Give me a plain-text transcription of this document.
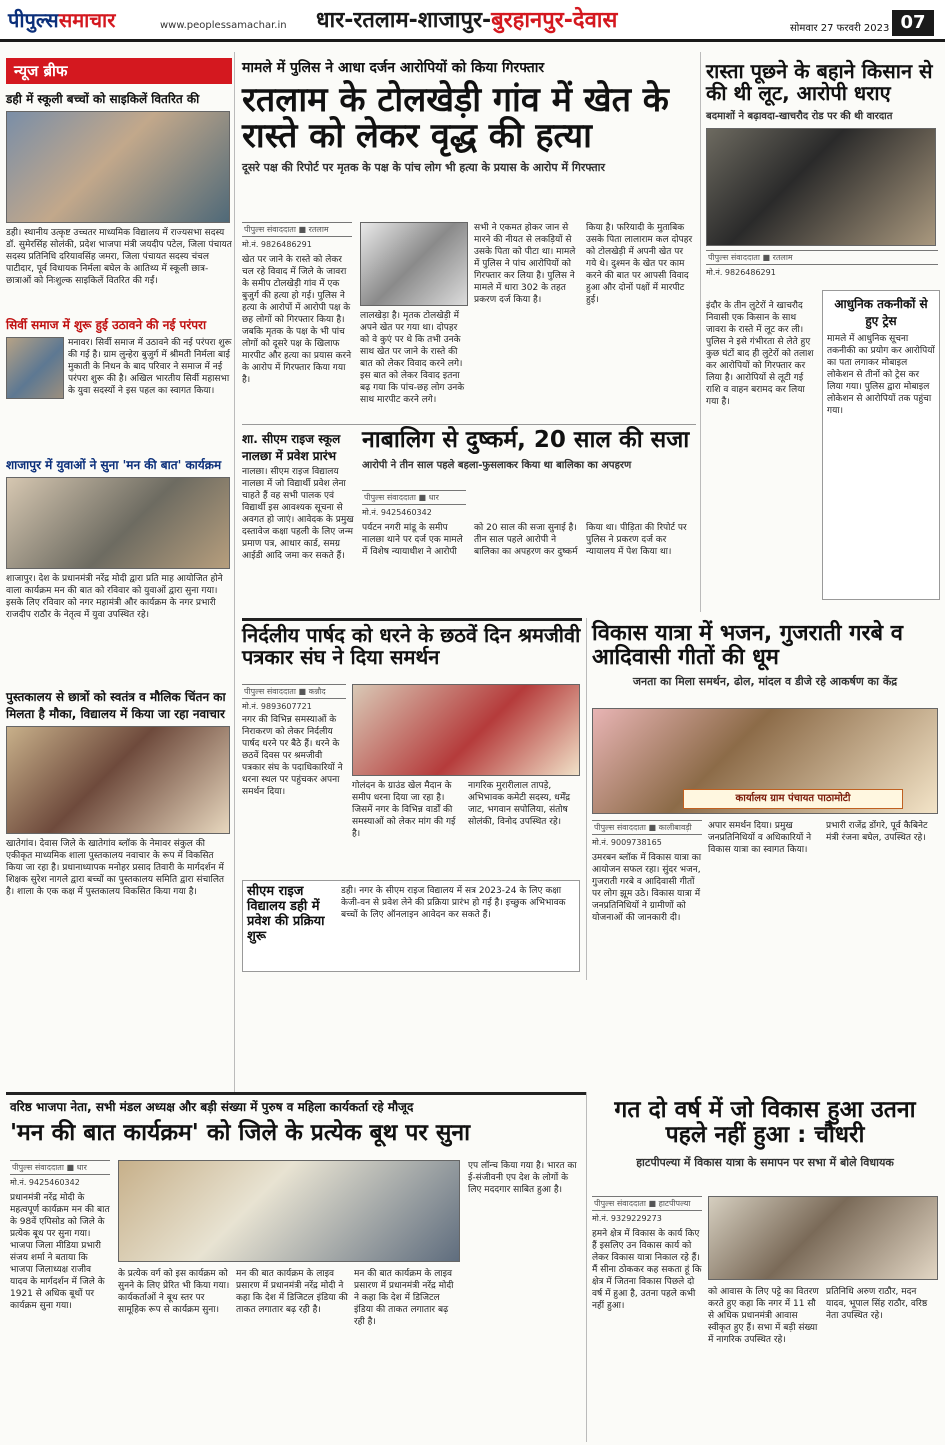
पीपुल्ससमाचार	www.peoplessamachar.in धार-रतलाम-शाजापुर-बुरहानपुर-देवास	सोमवार 27 फरवरी 2023 07
न्यूज ब्रीफ
डही में स्कूली बच्चों को साइकिलें वितरित की
डही। स्थानीय उत्कृष्ट उच्चतर माध्यमिक विद्यालय में राज्यसभा सदस्य डॉ. सुमेरसिंह सोलंकी, प्रदेश भाजपा मंत्री जयदीप पटेल, जिला पंचायत सदस्य प्रतिनिधि दरियावसिंह जमरा, जिला पंचायत सदस्य चंचल पाटीदार, पूर्व विधायक निर्मला बघेल के आतिथ्य में स्कूली छात्र-छात्राओं को निःशुल्क साइकिलें वितरित की गईं।
सिर्वी समाज में शुरू हुई उठावने की नई परंपरा
मनावर। सिर्वी समाज में उठावने की नई परंपरा शुरू की गई है। ग्राम लुन्हेरा बुजुर्ग में श्रीमती निर्मला बाई मुकाती के निधन के बाद परिवार ने समाज में नई परंपरा शुरू की है। अखिल भारतीय सिर्वी महासभा के युवा सदस्यों ने इस पहल का स्वागत किया।
शाजापुर में युवाओं ने सुना 'मन की बात' कार्यक्रम
शाजापुर। देश के प्रधानमंत्री नरेंद्र मोदी द्वारा प्रति माह आयोजित होने वाला कार्यक्रम मन की बात को रविवार को युवाओं द्वारा सुना गया। इसके लिए रविवार को नगर महामंत्री और कार्यक्रम के नगर प्रभारी राजदीप राठौर के नेतृत्व में युवा उपस्थित रहे।
पुस्तकालय से छात्रों को स्वतंत्र व मौलिक चिंतन का मिलता है मौका, विद्यालय में किया जा रहा नवाचार
खातेगांव। देवास जिले के खातेगांव ब्लॉक के नेमावर संकुल की एकीकृत माध्यमिक शाला पुस्तकालय नवाचार के रूप में विकसित किया जा रहा है। प्रधानाध्यापक मनोहर प्रसाद तिवारी के मार्गदर्शन में शिक्षक सुरेश नागले द्वारा बच्चों का पुस्तकालय समिति द्वारा संचालित है। शाला के एक कक्ष में पुस्तकालय विकसित किया गया है।
मामले में पुलिस ने आधा दर्जन आरोपियों को किया गिरफ्तार
रतलाम के टोलखेड़ी गांव में खेत के रास्ते को लेकर वृद्ध की हत्या
दूसरे पक्ष की रिपोर्ट पर मृतक के पक्ष के पांच लोग भी हत्या के प्रयास के आरोप में गिरफ्तार
पीपुल्स संवाददाता ■ रतलाम
मो.नं. 9826486291
खेत पर जाने के रास्ते को लेकर चल रहे विवाद में जिले के जावरा के समीप टोलखेड़ी गांव में एक बुजुर्ग की हत्या हो गई। पुलिस ने हत्या के आरोपों में आरोपी पक्ष के छह लोगों को गिरफ्तार किया है। जबकि मृतक के पक्ष के भी पांच लोगों को दूसरे पक्ष के खिलाफ मारपीट और हत्या का प्रयास करने के आरोप में गिरफ्तार किया गया है।
लालखेड़ा है। मृतक टोलखेड़ी में अपने खेत पर गया था। दोपहर को वे कुएं पर थे कि तभी उनके साथ खेत पर जाने के रास्ते की बात को लेकर विवाद करने लगे। इस बात को लेकर विवाद इतना बढ़ गया कि पांच-छह लोग उनके साथ मारपीट करने लगे।
सभी ने एकमत होकर जान से मारने की नीयत से लकड़ियों से उसके पिता को पीटा था। मामले में पुलिस ने पांच आरोपियों को गिरफ्तार कर लिया है। पुलिस ने मामले में धारा 302 के तहत प्रकरण दर्ज किया है।
किया है। फरियादी के मुताबिक उसके पिता लालाराम कल दोपहर को टोलखेड़ी में अपनी खेत पर गये थे। दुश्मन के खेत पर काम करने की बात पर आपसी विवाद हुआ और दोनों पक्षों में मारपीट हुई।
रास्ता पूछने के बहाने किसान से की थी लूट, आरोपी धराए
बदमाशों ने बढ़ावदा-खाचरौद रोड पर की थी वारदात
पीपुल्स संवाददाता ■ रतलाम
मो.नं. 9826486291
इंदौर के तीन लुटेरों ने खाचरौद निवासी एक किसान के साथ जावरा के रास्ते में लूट कर ली। पुलिस ने इसे गंभीरता से लेते हुए कुछ घंटों बाद ही लुटेरों को तलाश कर आरोपियों को गिरफ्तार कर लिया है। आरोपियों से लूटी गई राशि व वाहन बरामद कर लिया गया है।
आधुनिक तकनीकों से हुए ट्रेस
मामले में आधुनिक सूचना तकनीकी का प्रयोग कर आरोपियों का पता लगाकर मोबाइल लोकेशन से तीनों को ट्रेस कर लिया गया। पुलिस द्वारा मोबाइल लोकेशन से आरोपियों तक पहुंचा गया।
शा. सीएम राइज स्कूल नालछा में प्रवेश प्रारंभ
नालछा। सीएम राइज विद्यालय नालछा में जो विद्यार्थी प्रवेश लेना चाहते हैं वह सभी पालक एवं विद्यार्थी इस आवश्यक सूचना से अवगत हो जाएं। आवेदक के प्रमुख दस्तावेज कक्षा पहली के लिए जन्म प्रमाण पत्र, आधार कार्ड, समग्र आईडी आदि जमा कर सकते हैं।
नाबालिग से दुष्कर्म, 20 साल की सजा
आरोपी ने तीन साल पहले बहला-फुसलाकर किया था बालिका का अपहरण
पीपुल्स संवाददाता ■ धार
मो.नं. 9425460342
पर्यटन नगरी मांडू के समीप नालछा थाने पर दर्ज एक मामले में विशेष न्यायाधीश ने आरोपी को 20 साल की सजा सुनाई है। तीन साल पहले आरोपी ने बालिका का अपहरण कर दुष्कर्म किया था। पीड़िता की रिपोर्ट पर पुलिस ने प्रकरण दर्ज कर न्यायालय में पेश किया था।
निर्दलीय पार्षद को धरने के छठवें दिन श्रमजीवी पत्रकार संघ ने दिया समर्थन
पीपुल्स संवाददाता ■ कन्नौद
मो.नं. 9893607721
नगर की विभिन्न समस्याओं के निराकरण को लेकर निर्दलीय पार्षद धरने पर बैठे हैं। धरने के छठवें दिवस पर श्रमजीवी पत्रकार संघ के पदाधिकारियों ने धरना स्थल पर पहुंचकर अपना समर्थन दिया।
गोलंदन के ग्राउंड खेल मैदान के समीप धरना दिया जा रहा है। जिसमें नगर के विभिन्न वार्डों की समस्याओं को लेकर मांग की गई है।
नागरिक मुरारीलाल तापड़े, अभिभावक कमेटी सदस्य, धर्मेंद्र जाट, भगवान सपोलिया, संतोष सोलंकी, विनोद उपस्थित रहे।
सीएम राइज विद्यालय डही में प्रवेश की प्रक्रिया शुरू
डही। नगर के सीएम राइज विद्यालय में सत्र 2023-24 के लिए कक्षा केजी-वन से प्रवेश लेने की प्रक्रिया प्रारंभ हो गई है। इच्छुक अभिभावक बच्चों के लिए ऑनलाइन आवेदन कर सकते हैं।
विकास यात्रा में भजन, गुजराती गरबे व आदिवासी गीतों की धूम
जनता का मिला समर्थन, ढोल, मांदल व डीजे रहे आकर्षण का केंद्र
कार्यालय ग्राम पंचायत पाठामोटी
पीपुल्स संवाददाता ■ कालीबावड़ी
मो.नं. 9009738165
उमरबन ब्लॉक में विकास यात्रा का आयोजन सफल रहा। सुंदर भजन, गुजराती गरबे व आदिवासी गीतों पर लोग झूम उठे। विकास यात्रा में जनप्रतिनिधियों ने ग्रामीणों को योजनाओं की जानकारी दी।
अपार समर्थन दिया। प्रमुख जनप्रतिनिधियों व अधिकारियों ने विकास यात्रा का स्वागत किया।
प्रभारी राजेंद्र डोंगरे, पूर्व कैबिनेट मंत्री रंजना बघेल, उपस्थित रहे।
वरिष्ठ भाजपा नेता, सभी मंडल अध्यक्ष और बड़ी संख्या में पुरुष व महिला कार्यकर्ता रहे मौजूद
'मन की बात कार्यक्रम' को जिले के प्रत्येक बूथ पर सुना
पीपुल्स संवाददाता ■ धार
मो.नं. 9425460342
प्रधानमंत्री नरेंद्र मोदी के महत्वपूर्ण कार्यक्रम मन की बात के 98वें एपिसोड को जिले के प्रत्येक बूथ पर सुना गया। भाजपा जिला मीडिया प्रभारी संजय शर्मा ने बताया कि भाजपा जिलाध्यक्ष राजीव यादव के मार्गदर्शन में जिले के 1921 से अधिक बूथों पर कार्यक्रम सुना गया।
के प्रत्येक वर्ग को इस कार्यक्रम को सुनने के लिए प्रेरित भी किया गया। कार्यकर्ताओं ने बूथ स्तर पर सामूहिक रूप से कार्यक्रम सुना।
मन की बात कार्यक्रम के लाइव प्रसारण में प्रधानमंत्री नरेंद्र मोदी ने कहा कि देश में डिजिटल इंडिया की ताकत लगातार बढ़ रही है।
मन की बात कार्यक्रम के लाइव प्रसारण में प्रधानमंत्री नरेंद्र मोदी ने कहा कि देश में डिजिटल इंडिया की ताकत लगातार बढ़ रही है।
एप लॉन्च किया गया है। भारत का ई-संजीवनी एप देश के लोगों के लिए मददगार साबित हुआ है।
गत दो वर्ष में जो विकास हुआ उतना पहले नहीं हुआ : चौधरी
हाटपीपल्या में विकास यात्रा के समापन पर सभा में बोले विधायक
पीपुल्स संवाददाता ■ हाटपीपल्या
मो.नं. 9329229273
हमने क्षेत्र में विकास के कार्य किए हैं इसलिए उन विकास कार्य को लेकर विकास यात्रा निकाल रहे हैं। मैं सीना ठोककर कह सकता हूं कि क्षेत्र में जितना विकास पिछले दो वर्ष में हुआ है, उतना पहले कभी नहीं हुआ।
को आवास के लिए पट्टे का वितरण करते हुए कहा कि नगर में 11 सौ से अधिक प्रधानमंत्री आवास स्वीकृत हुए हैं। सभा में बड़ी संख्या में नागरिक उपस्थित रहे।
प्रतिनिधि अरुण राठौर, मदन यादव, भूपाल सिंह राठौर, वरिष्ठ नेता उपस्थित रहे।
